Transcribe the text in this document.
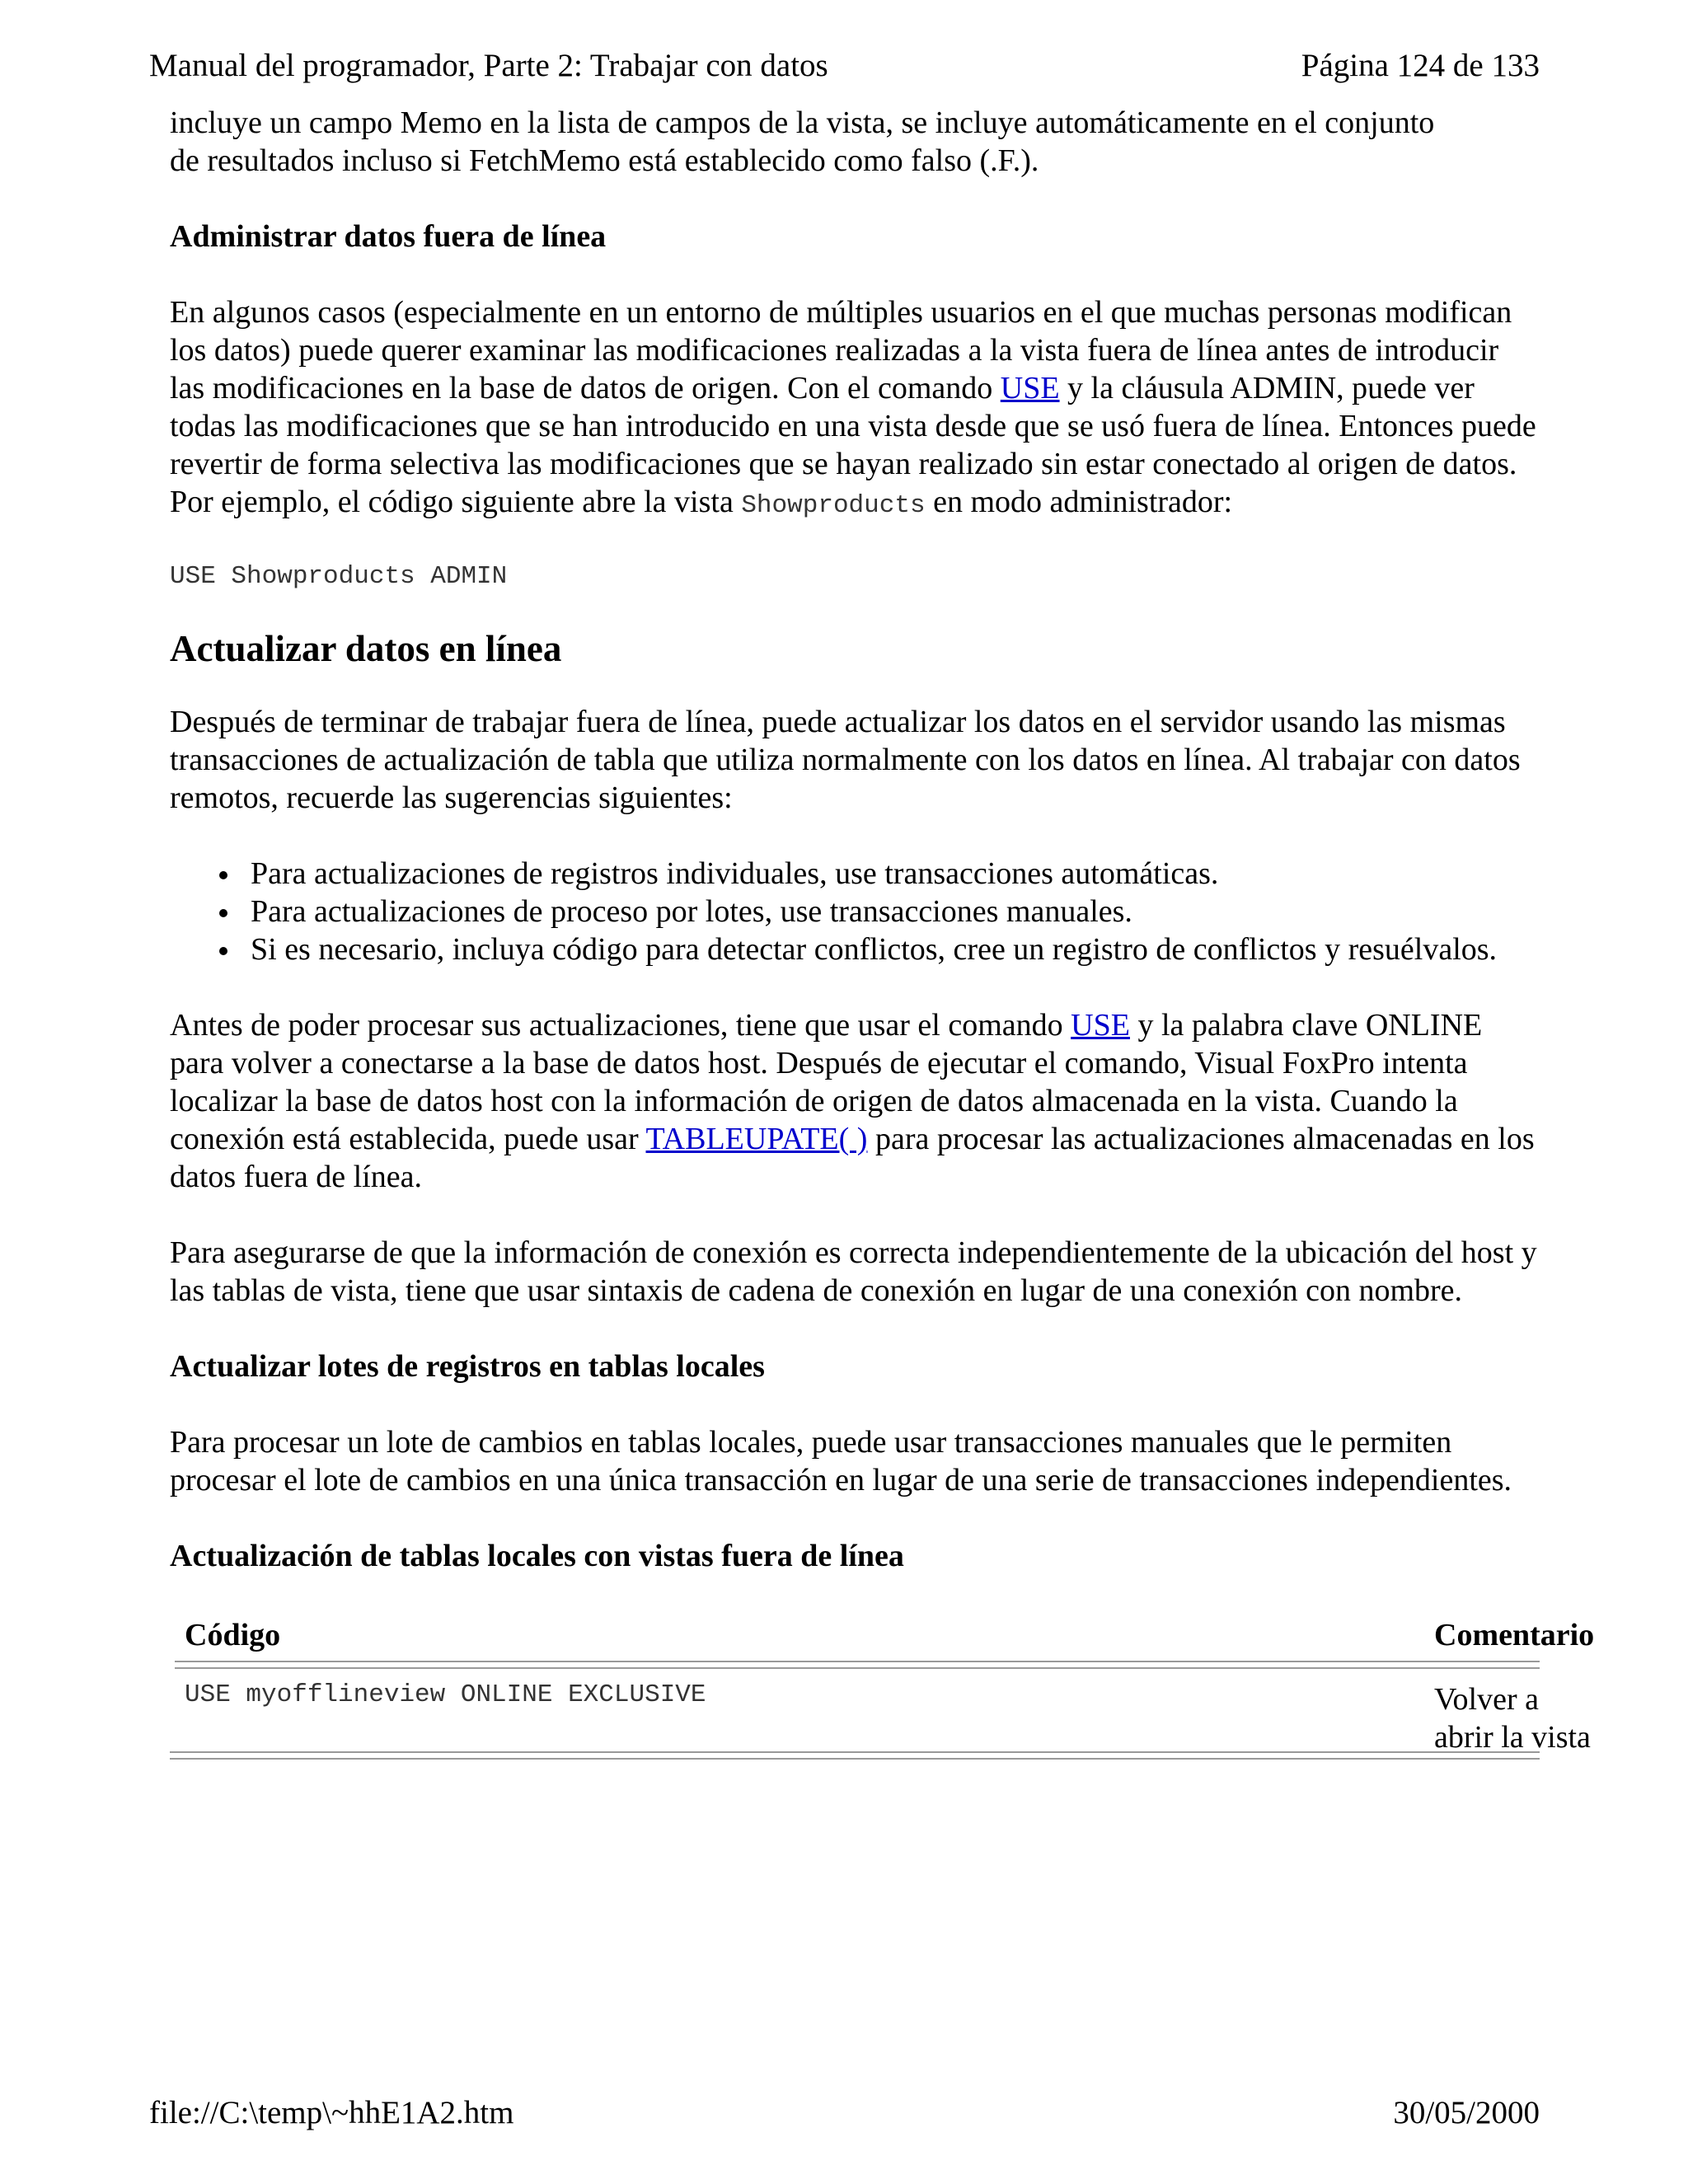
Manual del programador, Parte 2: Trabajar con datos	Página 124 de 133
incluye un campo Memo en la lista de campos de la vista, se incluye automáticamente en el conjunto

de resultados incluso si FetchMemo está establecido como falso (.F.).

Administrar datos fuera de línea

En algunos casos (especialmente en un entorno de múltiples usuarios en el que muchas personas modifican los datos) puede querer examinar las modificaciones realizadas a la vista fuera de línea antes de introducir las modificaciones en la base de datos de origen. Con el comando USE y la cláusula ADMIN, puede ver todas las modificaciones que se han introducido en una vista desde que se usó fuera de línea. Entonces puede revertir de forma selectiva las modificaciones que se hayan realizado sin estar conectado al origen de datos. Por ejemplo, el código siguiente abre la vista Showproducts en modo administrador:

USE Showproducts ADMIN

Actualizar datos en línea

Después de terminar de trabajar fuera de línea, puede actualizar los datos en el servidor usando las mismas transacciones de actualización de tabla que utiliza normalmente con los datos en línea. Al trabajar con datos remotos, recuerde las sugerencias siguientes:

Para actualizaciones de registros individuales, use transacciones automáticas.
Para actualizaciones de proceso por lotes, use transacciones manuales.
Si es necesario, incluya código para detectar conflictos, cree un registro de conflictos y resuélvalos.

Antes de poder procesar sus actualizaciones, tiene que usar el comando USE y la palabra clave ONLINE para volver a conectarse a la base de datos host. Después de ejecutar el comando, Visual FoxPro intenta localizar la base de datos host con la información de origen de datos almacenada en la vista. Cuando la conexión está establecida, puede usar TABLEUPATE( ) para procesar las actualizaciones almacenadas en los datos fuera de línea.

Para asegurarse de que la información de conexión es correcta independientemente de la ubicación del host y las tablas de vista, tiene que usar sintaxis de cadena de conexión en lugar de una conexión con nombre.

Actualizar lotes de registros en tablas locales

Para procesar un lote de cambios en tablas locales, puede usar transacciones manuales que le permiten procesar el lote de cambios en una única transacción en lugar de una serie de transacciones independientes.

Actualización de tablas locales con vistas fuera de línea

Código	Comentario
USE myofflineview ONLINE EXCLUSIVE	Volver a
abrir la vista
file://C:\temp\~hhE1A2.htm	30/05/2000
